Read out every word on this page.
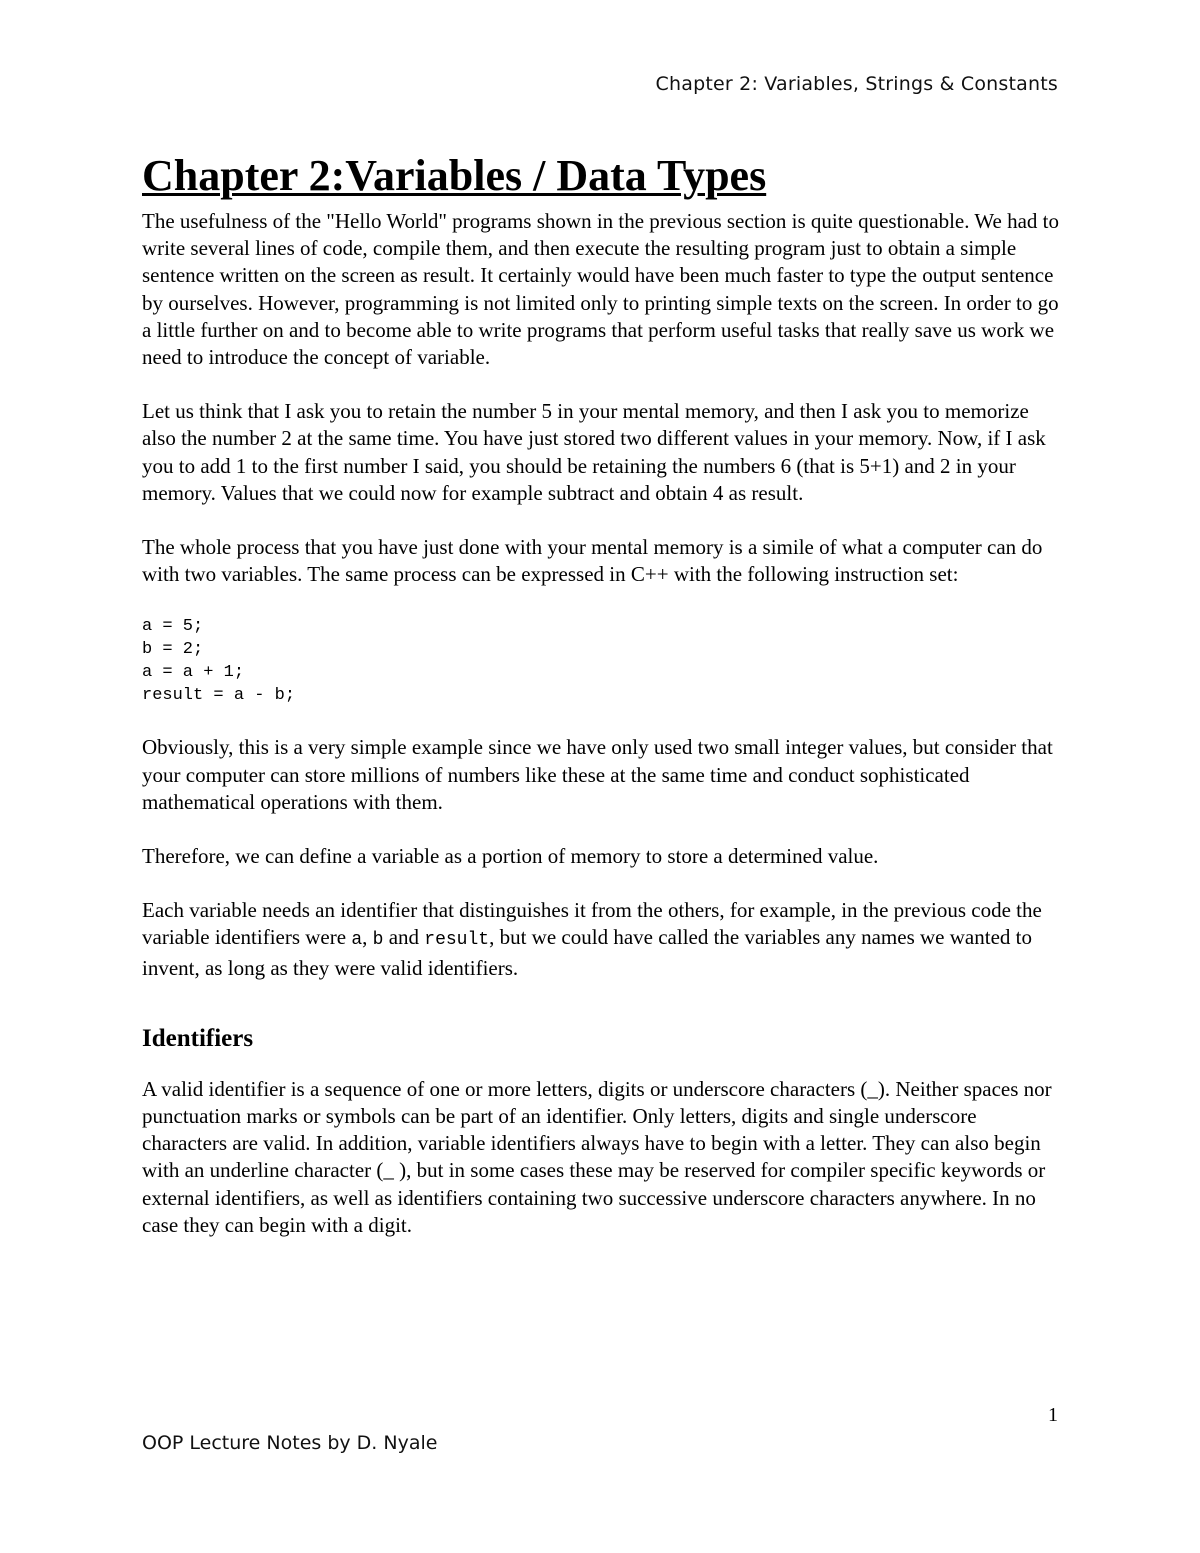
Chapter 2: Variables, Strings & Constants
Chapter 2:Variables / Data Types

The usefulness of the "Hello World" programs shown in the previous section is quite questionable. We had to write several lines of code, compile them, and then execute the resulting program just to obtain a simple sentence written on the screen as result. It certainly would have been much faster to type the output sentence by ourselves. However, programming is not limited only to printing simple texts on the screen. In order to go a little further on and to become able to write programs that perform useful tasks that really save us work we need to introduce the concept of variable.

Let us think that I ask you to retain the number 5 in your mental memory, and then I ask you to memorize also the number 2 at the same time. You have just stored two different values in your memory. Now, if I ask you to add 1 to the first number I said, you should be retaining the numbers 6 (that is 5+1) and 2 in your memory. Values that we could now for example subtract and obtain 4 as result.

The whole process that you have just done with your mental memory is a simile of what a computer can do with two variables. The same process can be expressed in C++ with the following instruction set:

a = 5;
b = 2;
a = a + 1;
result = a - b;

Obviously, this is a very simple example since we have only used two small integer values, but consider that your computer can store millions of numbers like these at the same time and conduct sophisticated mathematical operations with them.

Therefore, we can define a variable as a portion of memory to store a determined value.

Each variable needs an identifier that distinguishes it from the others, for example, in the previous code the variable identifiers were a, b and result, but we could have called the variables any names we wanted to invent, as long as they were valid identifiers.

Identifiers

A valid identifier is a sequence of one or more letters, digits or underscore characters (_). Neither spaces nor punctuation marks or symbols can be part of an identifier. Only letters, digits and single underscore characters are valid. In addition, variable identifiers always have to begin with a letter. They can also begin with an underline character (_ ), but in some cases these may be reserved for compiler specific keywords or external identifiers, as well as identifiers containing two successive underscore characters anywhere. In no case they can begin with a digit.

1
OOP Lecture Notes by D. Nyale
